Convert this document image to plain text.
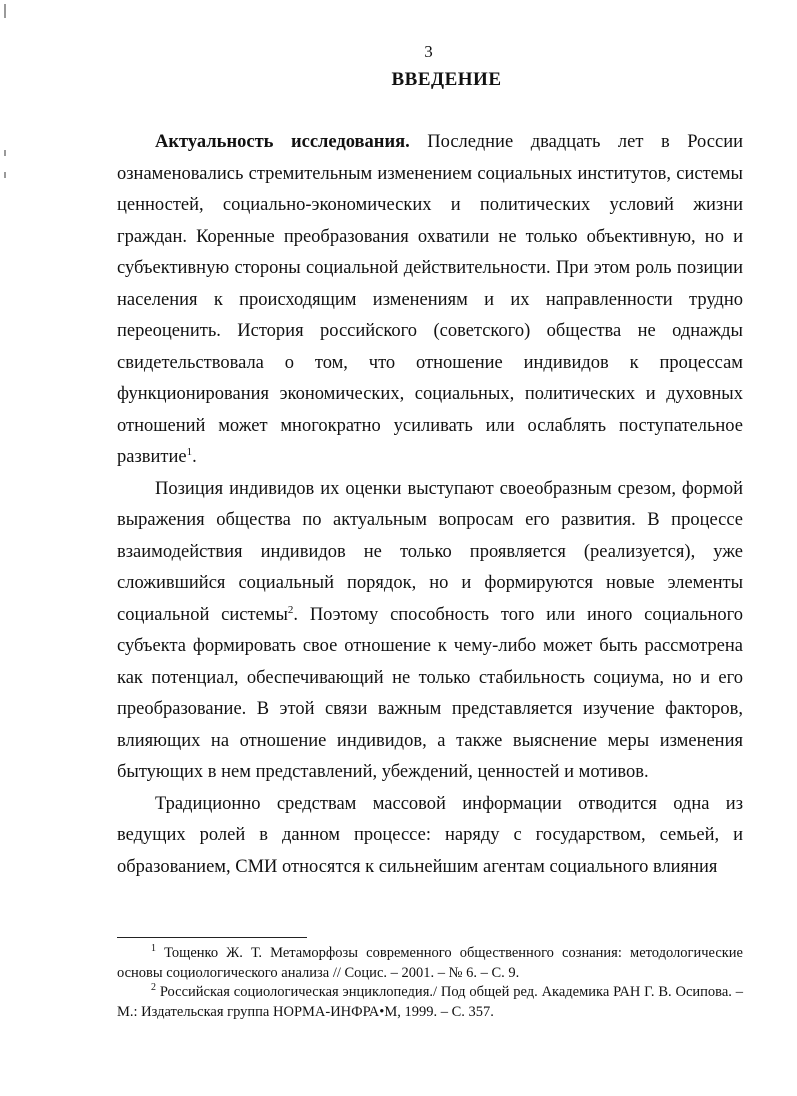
3
ВВЕДЕНИЕ

Актуальность исследования. Последние двадцать лет в России ознаменовались стремительным изменением социальных институтов, системы ценностей, социально-экономических и политических условий жизни граждан. Коренные преобразования охватили не только объективную, но и субъективную стороны социальной действительности. При этом роль позиции населения к происходящим изменениям и их направленности трудно переоценить. История российского (советского) общества не однажды свидетельствовала о том, что отношение индивидов к процессам функционирования экономических, социальных, политических и духовных отношений может многократно усиливать или ослаблять поступательное развитие$^1$.

Позиция индивидов их оценки выступают своеобразным срезом, формой выражения общества по актуальным вопросам его развития. В процессе взаимодействия индивидов не только проявляется (реализуется), уже сложившийся социальный порядок, но и формируются новые элементы социальной системы$^2$. Поэтому способность того или иного социального субъекта формировать свое отношение к чему-либо может быть рассмотрена как потенциал, обеспечивающий не только стабильность социума, но и его преобразование. В этой связи важным представляется изучение факторов, влияющих на отношение индивидов, а также выяснение меры изменения бытующих в нем представлений, убеждений, ценностей и мотивов.

Традиционно средствам массовой информации отводится одна из ведущих ролей в данном процессе: наряду с государством, семьей, и образованием, СМИ относятся к сильнейшим агентам социального влияния

$^1$ Тощенко Ж. Т. Метаморфозы современного общественного сознания: методологические основы социологического анализа // Социс. – 2001. – № 6. – С. 9.

$^2$ Российская социологическая энциклопедия./ Под общей ред. Академика РАН Г. В. Осипова. – М.: Издательская группа НОРМА-ИНФРА•М, 1999. – С. 357.
